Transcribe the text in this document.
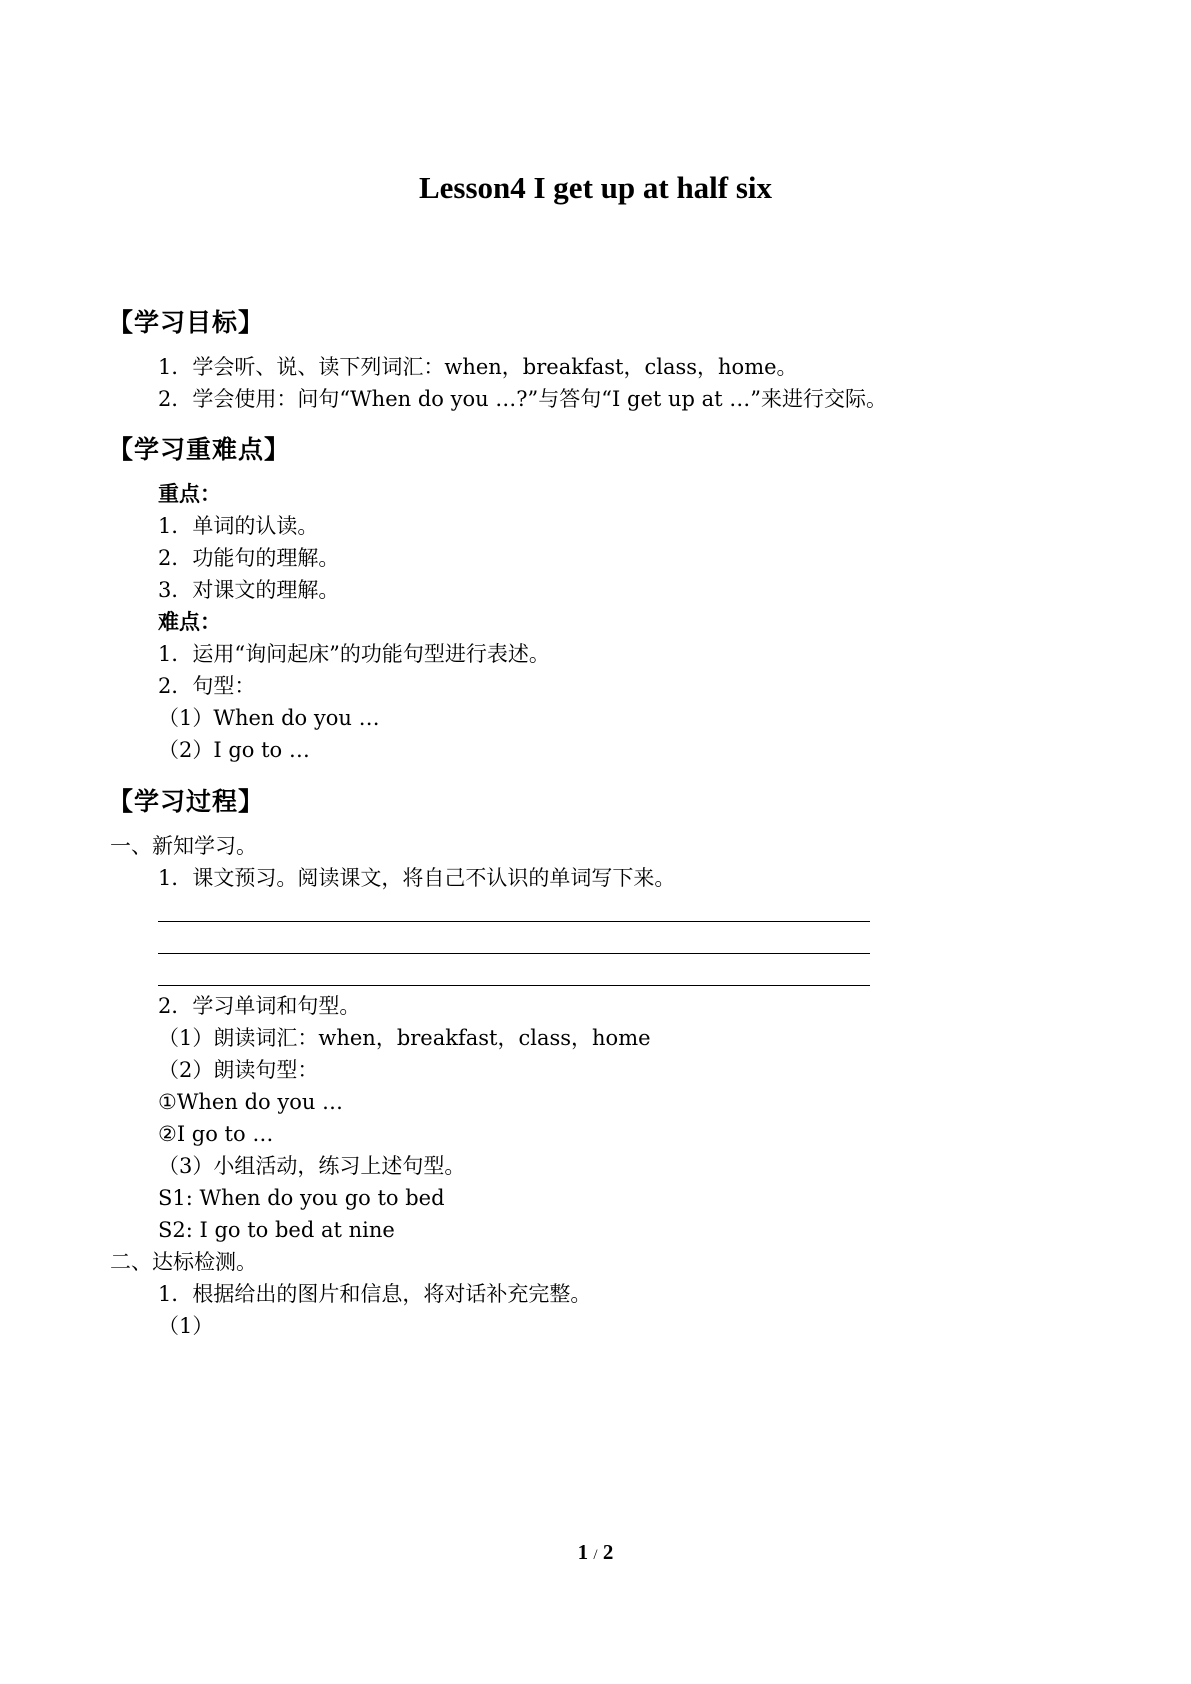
Lesson4 I get up at half six
【学习目标】
1．学会听、说、读下列词汇：when，breakfast，class，home。
2．学会使用：问句“When do you …?”与答句“I get up at …”来进行交际。
【学习重难点】
重点：
1．单词的认读。
2．功能句的理解。
3．对课文的理解。
难点：
1．运用“询问起床”的功能句型进行表述。
2．句型：
（1）When do you …
（2）I go to …
【学习过程】
一、新知学习。
1．课文预习。阅读课文，将自己不认识的单词写下来。
2．学习单词和句型。
（1）朗读词汇：when，breakfast，class，home
（2）朗读句型：
①When do you …
②I go to …
（3）小组活动，练习上述句型。
S1: When do you go to bed
S2: I go to bed at nine
二、达标检测。
1．根据给出的图片和信息，将对话补充完整。
（1）
1 / 2
